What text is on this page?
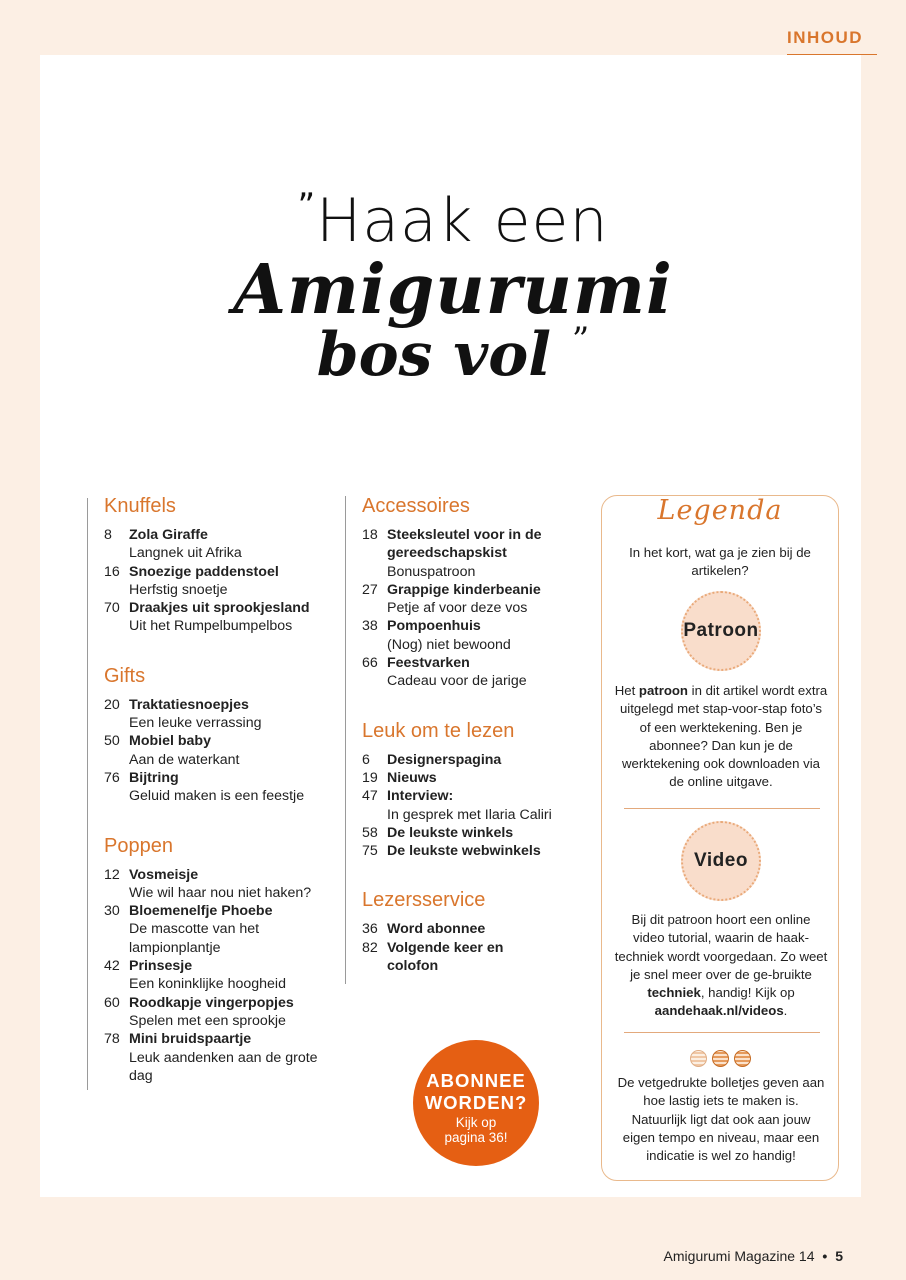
INHOUD
”Haak een
Amigurumi
bos vol ”
Knuffels
8 Zola Giraffe
Langnek uit Afrika
16 Snoezige paddenstoel
Herfstig snoetje
70 Draakjes uit sprookjesland
Uit het Rumpelbumpelbos
Gifts
20 Traktatiesnoepjes
Een leuke verrassing
50 Mobiel baby
Aan de waterkant
76 Bijtring
Geluid maken is een feestje
Poppen
12 Vosmeisje
Wie wil haar nou niet haken?
30 Bloemenelfje Phoebe
De mascotte van het lampionplantje
42 Prinsesje
Een koninklijke hoogheid
60 Roodkapje vingerpopjes
Spelen met een sprookje
78 Mini bruidspaartje
Leuk aandenken aan de grote dag
Accessoires
18 Steeksleutel voor in de gereedschapskist
Bonuspatroon
27 Grappige kinderbeanie
Petje af voor deze vos
38 Pompoenhuis
(Nog) niet bewoond
66 Feestvarken
Cadeau voor de jarige
Leuk om te lezen
6 Designerspagina
19 Nieuws
47 Interview:
In gesprek met Ilaria Caliri
58 De leukste winkels
75 De leukste webwinkels
Lezersservice
36 Word abonnee
82 Volgende keer en colofon
Legenda
In het kort, wat ga je zien bij de artikelen?
Patroon
Het patroon in dit artikel wordt extra uitgelegd met stap-voor-stap foto’s of een werktekening. Ben je abonnee? Dan kun je de werktekening ook downloaden via de online uitgave.
Video
Bij dit patroon hoort een online video tutorial, waarin de haak-techniek wordt voorgedaan. Zo weet je snel meer over de ge-bruikte techniek, handig! Kijk op aandehaak.nl/videos.
De vetgedrukte bolletjes geven aan hoe lastig iets te maken is. Natuurlijk ligt dat ook aan jouw eigen tempo en niveau, maar een indicatie is wel zo handig!
ABONNEE
WORDEN?
Kijk op
pagina 36!
Amigurumi Magazine 14 • 5
